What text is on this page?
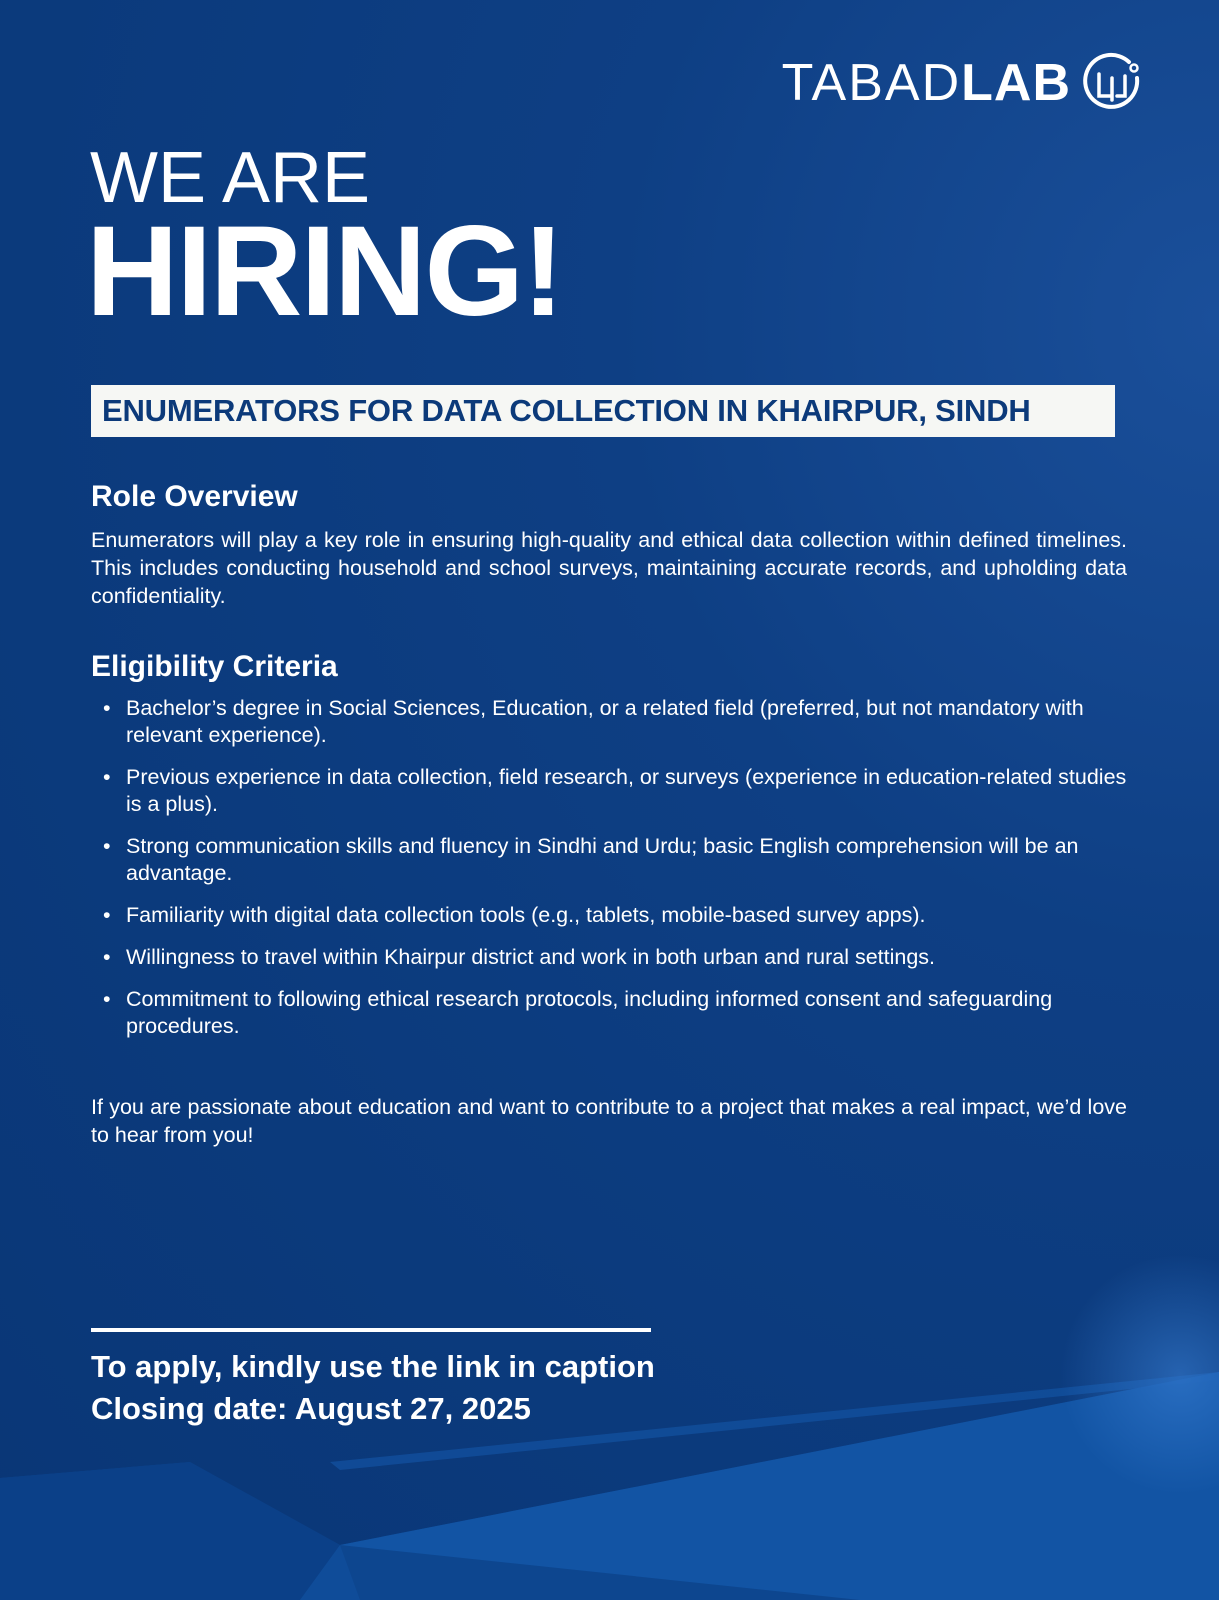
TABAD LAB
WE ARE
HIRING!
ENUMERATORS FOR DATA COLLECTION IN KHAIRPUR, SINDH
Role Overview

Enumerators will play a key role in ensuring high-quality and ethical data collection within defined timelines. This includes conducting household and school surveys, maintaining accurate records, and upholding data confidentiality.

Eligibility Criteria
• Bachelor’s degree in Social Sciences, Education, or a related field (preferred, but not mandatory with relevant experience).
• Previous experience in data collection, field research, or surveys (experience in education-related studies is a plus).
• Strong communication skills and fluency in Sindhi and Urdu; basic English comprehension will be an advantage.
• Familiarity with digital data collection tools (e.g., tablets, mobile-based survey apps).
• Willingness to travel within Khairpur district and work in both urban and rural settings.
• Commitment to following ethical research protocols, including informed consent and safeguarding procedures.

If you are passionate about education and want to contribute to a project that makes a real impact, we’d love to hear from you!

To apply, kindly use the link in caption
Closing date: August 27, 2025
